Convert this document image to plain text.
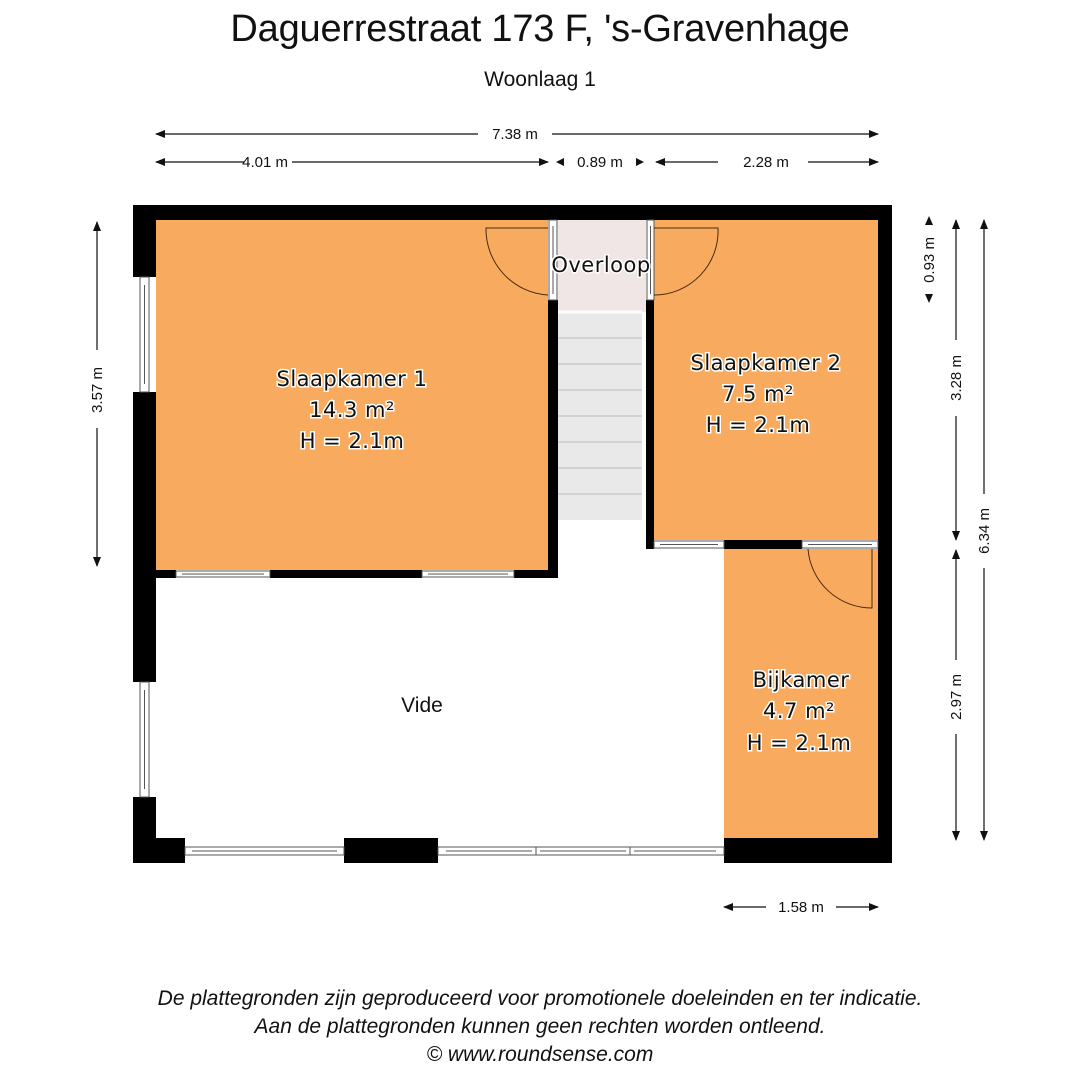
Daguerrestraat 173 F, 's-Gravenhage
Woonlaag 1
7.38 m
4.01 m	0.89 m	2.28 m
3.57 m
0.93 m
3.28 m
2.97 m
6.34 m
1.58 m
Slaapkamer 1
14.3 m²
H = 2.1m
Slaapkamer 2
7.5 m²
H = 2.1m
Bijkamer
4.7 m²
H = 2.1m
Overloop
Vide
De plattegronden zijn geproduceerd voor promotionele doeleinden en ter indicatie.
Aan de plattegronden kunnen geen rechten worden ontleend.
© www.roundsense.com
